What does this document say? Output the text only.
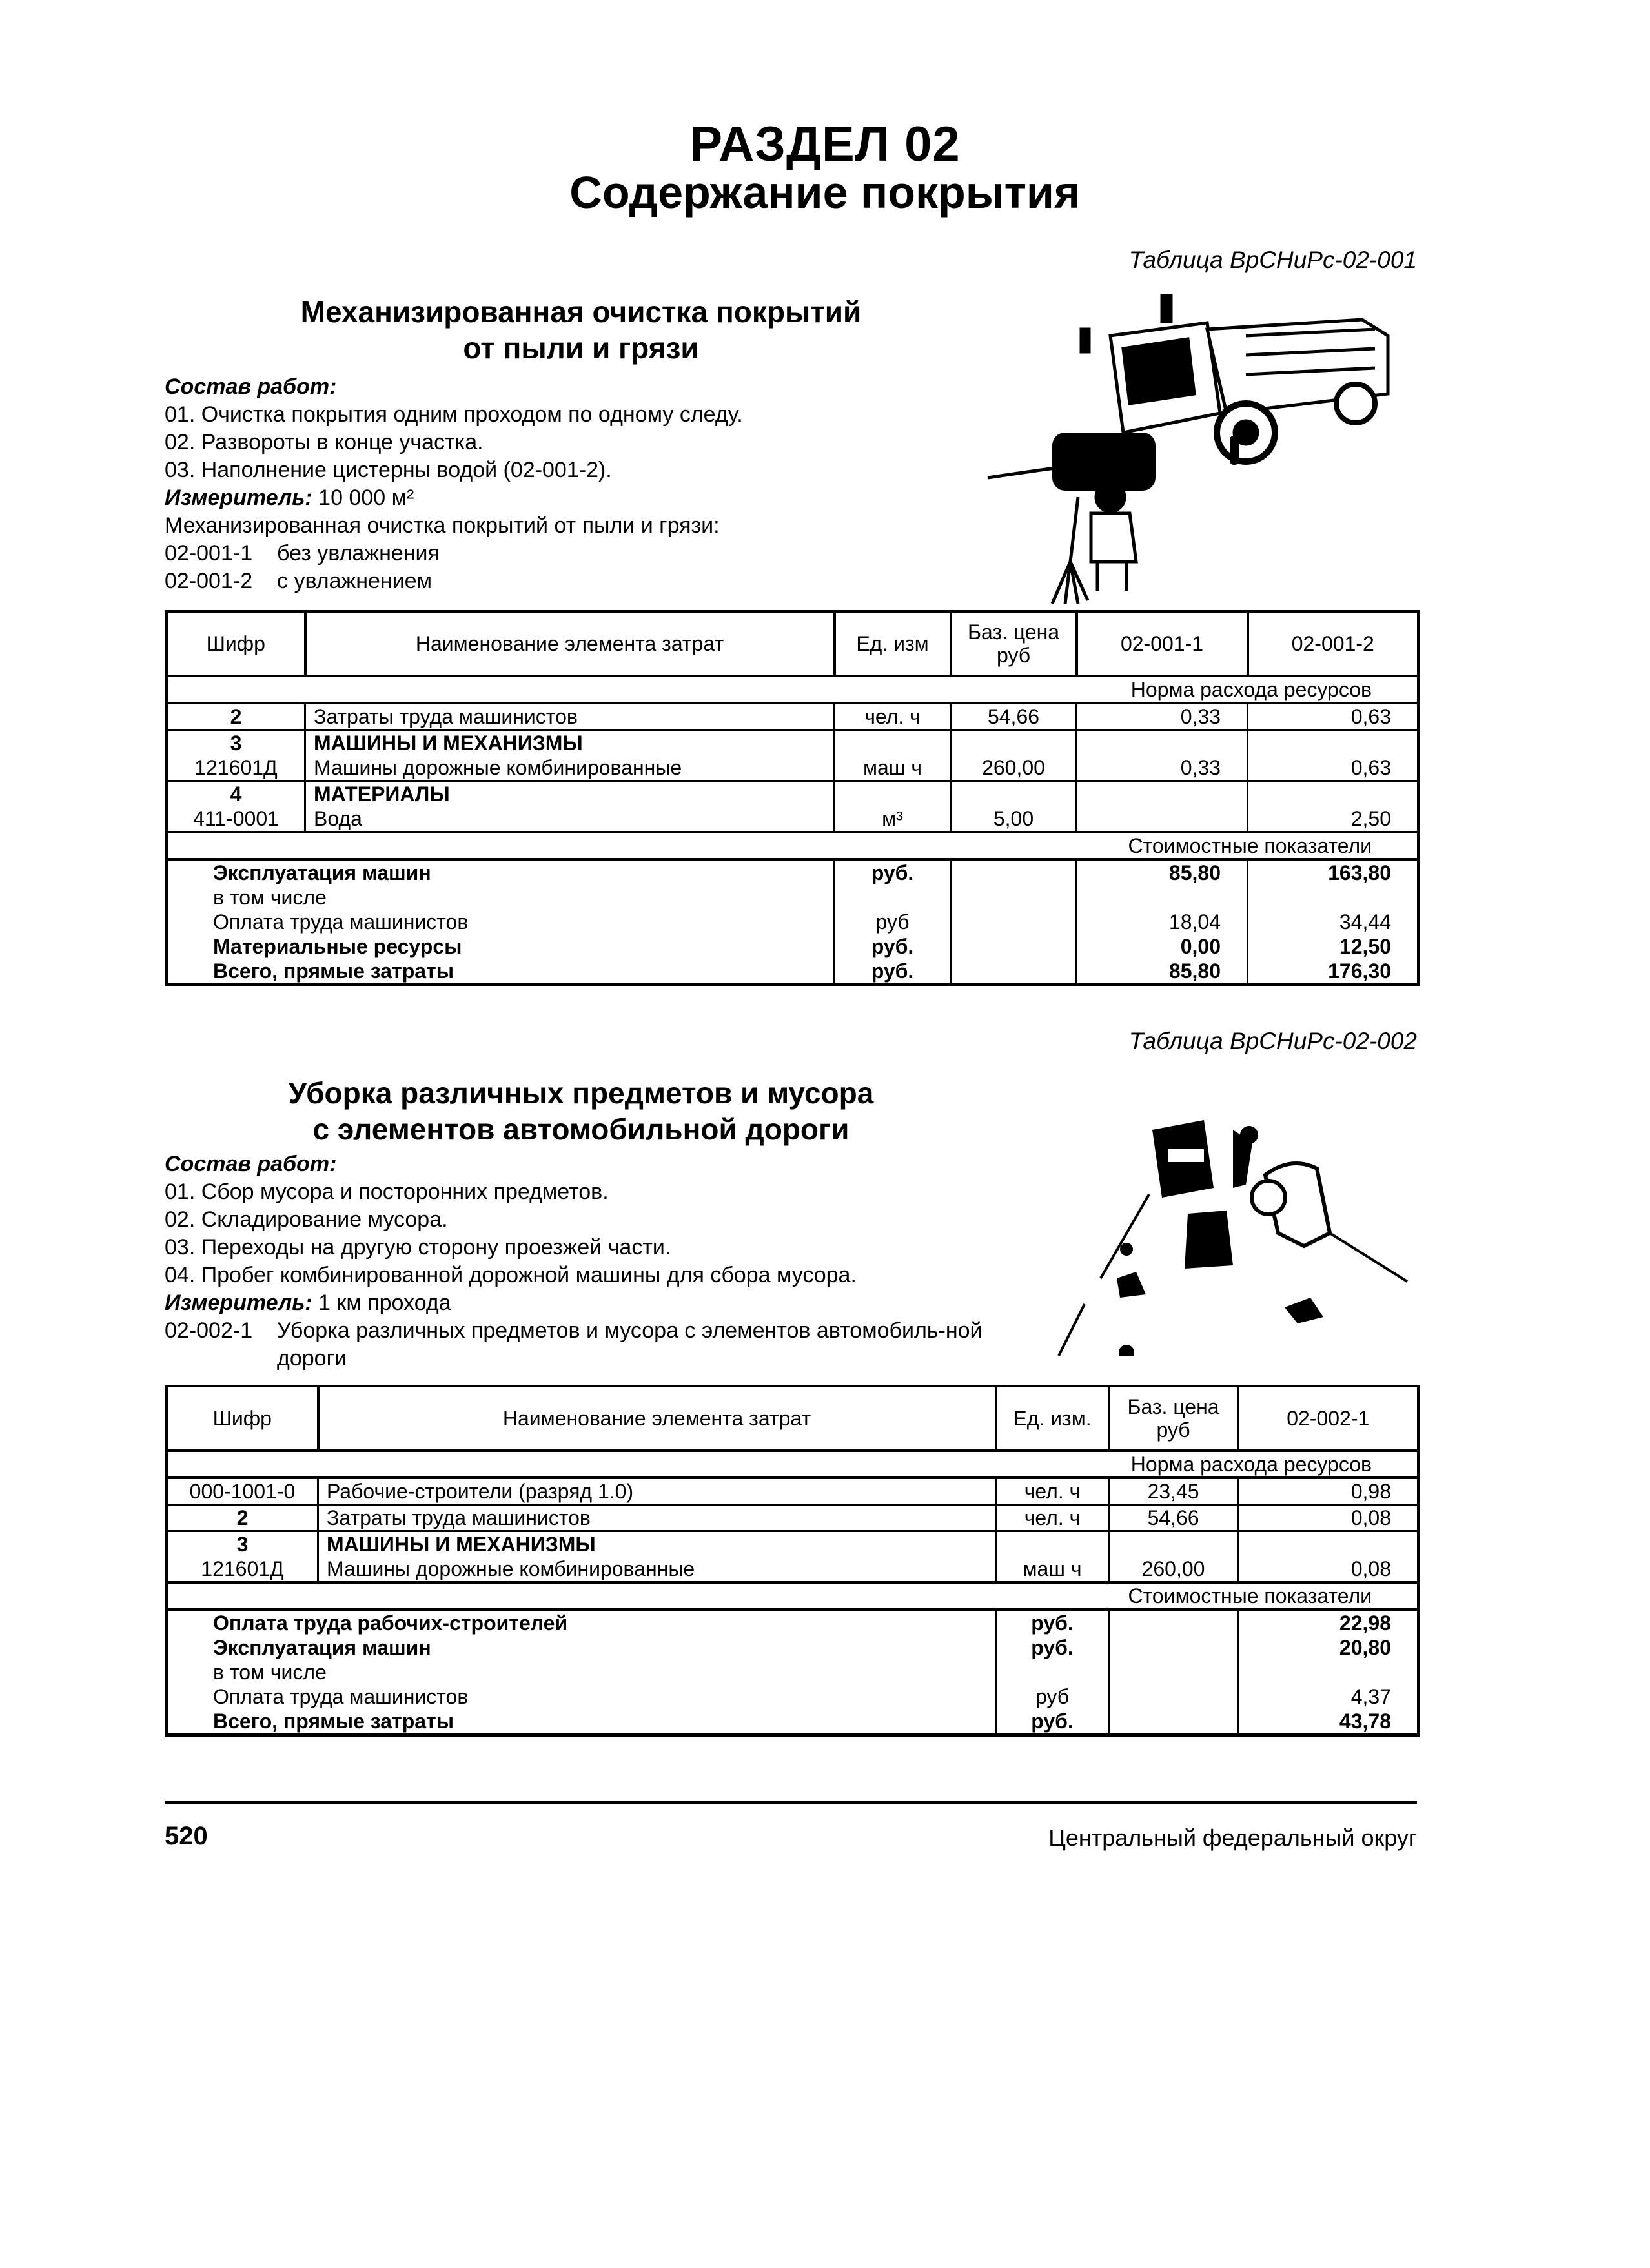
РАЗДЕЛ 02
Содержание покрытия
Таблица ВрСНиРс-02-001
Механизированная очистка покрытий
от пыли и грязи
Состав работ:
01. Очистка покрытия одним проходом по одному следу.
02. Развороты в конце участка.
03. Наполнение цистерны водой (02-001-2).
Измеритель: 10 000 м²
Механизированная очистка покрытий от пыли и грязи:
02-001-1 без увлажнения
02-001-2 с увлажнением
Шифр	Наименование элемента затрат	Ед. изм	Баз. цена руб	02-001-1	02-001-2
Норма расхода ресурсов					
2	Затраты труда машинистов	чел. ч	54,66	0,33	0,63
3	МАШИНЫ И МЕХАНИЗМЫ				
121601Д	Машины дорожные комбинированные	маш ч	260,00	0,33	0,63
4	МАТЕРИАЛЫ				
411-0001	Вода	м³	5,00		2,50
Стоимостные показатели					
Эксплуатация машин		руб.		85,80	163,80
в том числе					
Оплата труда машинистов		руб		18,04	34,44
Материальные ресурсы		руб.		0,00	12,50
Всего, прямые затраты		руб.		85,80	176,30
Таблица ВрСНиРс-02-002
Уборка различных предметов и мусора
с элементов автомобильной дороги
Состав работ:
01. Сбор мусора и посторонних предметов.
02. Складирование мусора.
03. Переходы на другую сторону проезжей части.
04. Пробег комбинированной дорожной машины для сбора мусора.
Измеритель: 1 км прохода
02-002-1	Уборка различных предметов и мусора с элементов автомобиль-ной дороги
Шифр	Наименование элемента затрат	Ед. изм.	Баз. цена руб	02-002-1
Норма расхода ресурсов				
000-1001-0	Рабочие-строители (разряд 1.0)	чел. ч	23,45	0,98
2	Затраты труда машинистов	чел. ч	54,66	0,08
3	МАШИНЫ И МЕХАНИЗМЫ			
121601Д	Машины дорожные комбинированные	маш ч	260,00	0,08
Стоимостные показатели				
Оплата труда рабочих-строителей		руб.		22,98
Эксплуатация машин		руб.		20,80
в том числе				
Оплата труда машинистов		руб		4,37
Всего, прямые затраты		руб.		43,78
520	Центральный федеральный округ
